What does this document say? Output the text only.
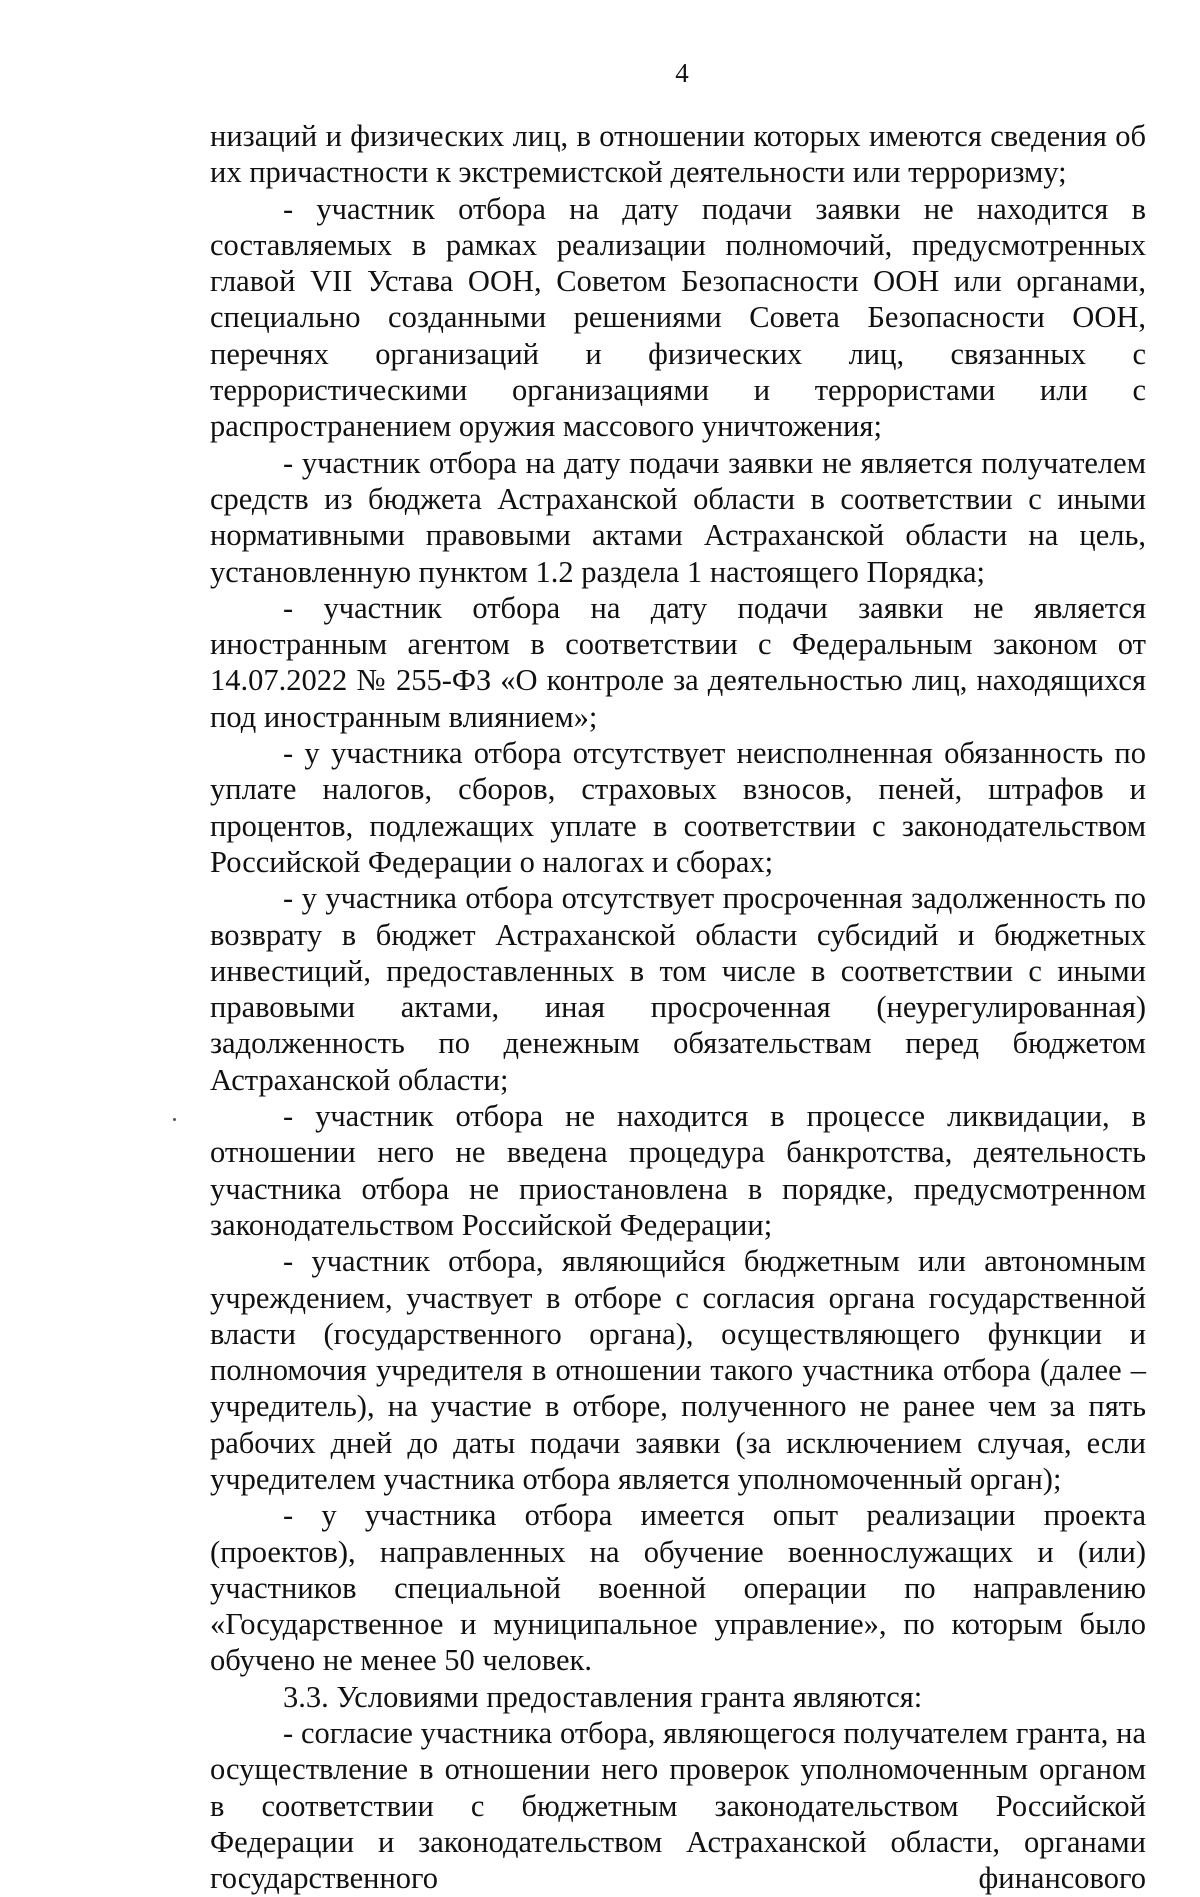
4

низаций и физических лиц, в отношении которых имеются сведения об их причастности к экстремистской деятельности или терроризму;

- участник отбора на дату подачи заявки не находится в составляемых в рамках реализации полномочий, предусмотренных главой VII Устава ООН, Советом Безопасности ООН или органами, специально созданными решениями Совета Безопасности ООН, перечнях организаций и физических лиц, связанных с террористическими организациями и террористами или с распространением оружия массового уничтожения;

- участник отбора на дату подачи заявки не является получателем средств из бюджета Астраханской области в соответствии с иными нормативными правовыми актами Астраханской области на цель, установленную пунктом 1.2 раздела 1 настоящего Порядка;

- участник отбора на дату подачи заявки не является иностранным агентом в соответствии с Федеральным законом от 14.07.2022 № 255-ФЗ «О контроле за деятельностью лиц, находящихся под иностранным влиянием»;

- у участника отбора отсутствует неисполненная обязанность по уплате налогов, сборов, страховых взносов, пеней, штрафов и процентов, подлежащих уплате в соответствии с законодательством Российской Федерации о налогах и сборах;

- у участника отбора отсутствует просроченная задолженность по возврату в бюджет Астраханской области субсидий и бюджетных инвестиций, предоставленных в том числе в соответствии с иными правовыми актами, иная просроченная (неурегулированная) задолженность по денежным обязательствам перед бюджетом Астраханской области;

- участник отбора не находится в процессе ликвидации, в отношении него не введена процедура банкротства, деятельность участника отбора не приостановлена в порядке, предусмотренном законодательством Российской Федерации;

- участник отбора, являющийся бюджетным или автономным учреждением, участвует в отборе с согласия органа государственной власти (государственного органа), осуществляющего функции и полномочия учредителя в отношении такого участника отбора (далее – учредитель), на участие в отборе, полученного не ранее чем за пять рабочих дней до даты подачи заявки (за исключением случая, если учредителем участника отбора является уполномоченный орган);

- у участника отбора имеется опыт реализации проекта (проектов), направленных на обучение военнослужащих и (или) участников специальной военной операции по направлению «Государственное и муниципальное управление», по которым было обучено не менее 50 человек.

3.3. Условиями предоставления гранта являются:

- согласие участника отбора, являющегося получателем гранта, на осуществление в отношении него проверок уполномоченным органом в соответствии с бюджетным законодательством Российской Федерации и законодательством Астраханской области, органами государственного финансового
